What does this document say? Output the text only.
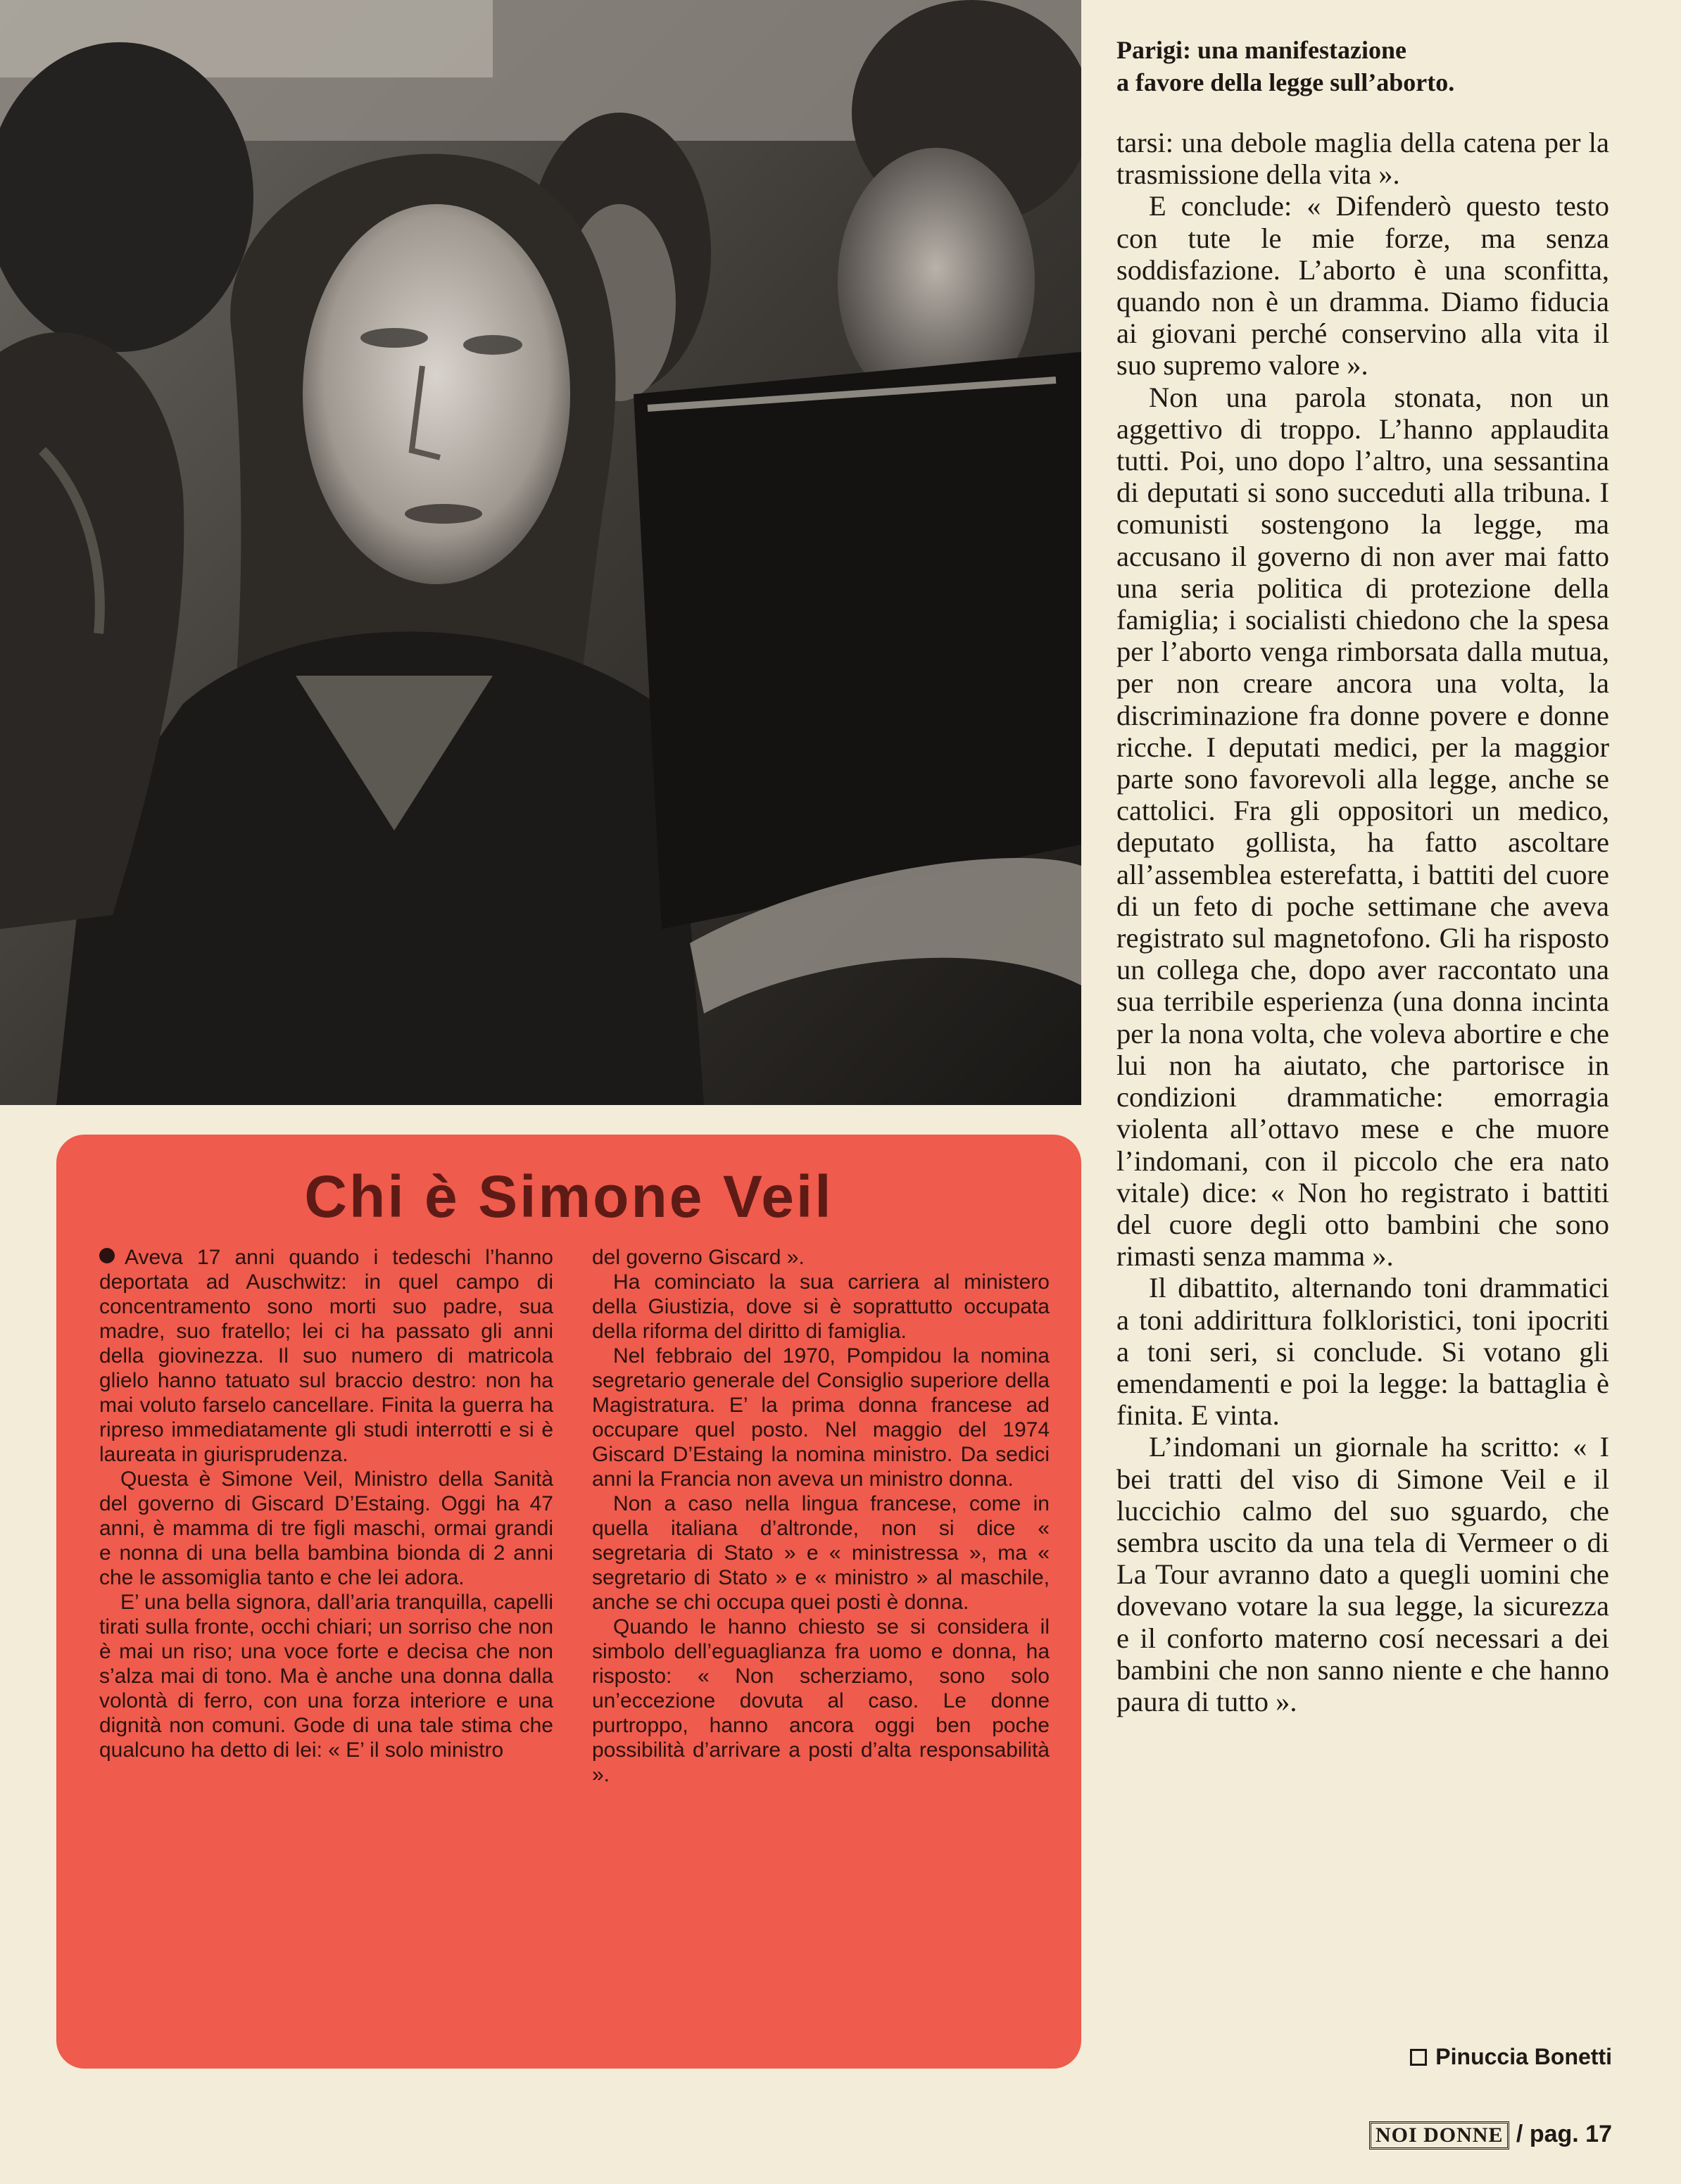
Parigi: una manifestazione
a favore della legge sull’aborto.

tarsi: una debole maglia della catena per la trasmissione della vita ».

E conclude: « Difenderò questo testo con tute le mie forze, ma senza soddisfazione. L’aborto è una sconfitta, quando non è un dramma. Diamo fiducia ai giovani perché conservino alla vita il suo supremo valore ».

Non una parola stonata, non un aggettivo di troppo. L’hanno applaudita tutti. Poi, uno dopo l’altro, una sessantina di deputati si sono succeduti alla tribuna. I comunisti sostengono la legge, ma accusano il governo di non aver mai fatto una seria politica di protezione della famiglia; i socialisti chiedono che la spesa per l’aborto venga rimborsata dalla mutua, per non creare ancora una volta, la discriminazione fra donne povere e donne ricche. I deputati medici, per la maggior parte sono favorevoli alla legge, anche se cattolici. Fra gli oppositori un medico, deputato gollista, ha fatto ascoltare all’assemblea esterefatta, i battiti del cuore di un feto di poche settimane che aveva registrato sul magnetofono. Gli ha risposto un collega che, dopo aver raccontato una sua terribile esperienza (una donna incinta per la nona volta, che voleva abortire e che lui non ha aiutato, che partorisce in condizioni drammatiche: emorragia violenta all’ottavo mese e che muore l’indomani, con il piccolo che era nato vitale) dice: « Non ho registrato i battiti del cuore degli otto bambini che sono rimasti senza mamma ».

Il dibattito, alternando toni drammatici a toni addirittura folkloristici, toni ipocriti a toni seri, si conclude. Si votano gli emendamenti e poi la legge: la battaglia è finita. E vinta.

L’indomani un giornale ha scritto: « I bei tratti del viso di Simone Veil e il luccichio calmo del suo sguardo, che sembra uscito da una tela di Vermeer o di La Tour avranno dato a quegli uomini che dovevano votare la sua legge, la sicurezza e il conforto materno cosí necessari a dei bambini che non sanno niente e che hanno paura di tutto ».

Pinuccia Bonetti
Chi è Simone Veil

Aveva 17 anni quando i tedeschi l’hanno deportata ad Auschwitz: in quel campo di concentramento sono morti suo padre, sua madre, suo fratello; lei ci ha passato gli anni della giovinezza. Il suo numero di matricola glielo hanno tatuato sul braccio destro: non ha mai voluto farselo cancellare. Finita la guerra ha ripreso immediatamente gli studi interrotti e si è laureata in giurisprudenza.

Questa è Simone Veil, Ministro della Sanità del governo di Giscard D’Estaing. Oggi ha 47 anni, è mamma di tre figli maschi, ormai grandi e nonna di una bella bambina bionda di 2 anni che le assomiglia tanto e che lei adora.

E’ una bella signora, dall’aria tranquilla, capelli tirati sulla fronte, occhi chiari; un sorriso che non è mai un riso; una voce forte e decisa che non s’alza mai di tono. Ma è anche una donna dalla volontà di ferro, con una forza interiore e una dignità non comuni. Gode di una tale stima che qualcuno ha detto di lei: « E’ il solo ministro

del governo Giscard ».

Ha cominciato la sua carriera al ministero della Giustizia, dove si è soprattutto occupata della riforma del diritto di famiglia.

Nel febbraio del 1970, Pompidou la nomina segretario generale del Consiglio superiore della Magistratura. E’ la prima donna francese ad occupare quel posto. Nel maggio del 1974 Giscard D’Estaing la nomina ministro. Da sedici anni la Francia non aveva un ministro donna.

Non a caso nella lingua francese, come in quella italiana d’altronde, non si dice « segretaria di Stato » e « ministressa », ma « segretario di Stato » e « ministro » al maschile, anche se chi occupa quei posti è donna.

Quando le hanno chiesto se si considera il simbolo dell’eguaglianza fra uomo e donna, ha risposto: « Non scherziamo, sono solo un’eccezione dovuta al caso. Le donne purtroppo, hanno ancora oggi ben poche possibilità d’arrivare a posti d’alta responsabilità ».

NOI DONNE / pag. 17
